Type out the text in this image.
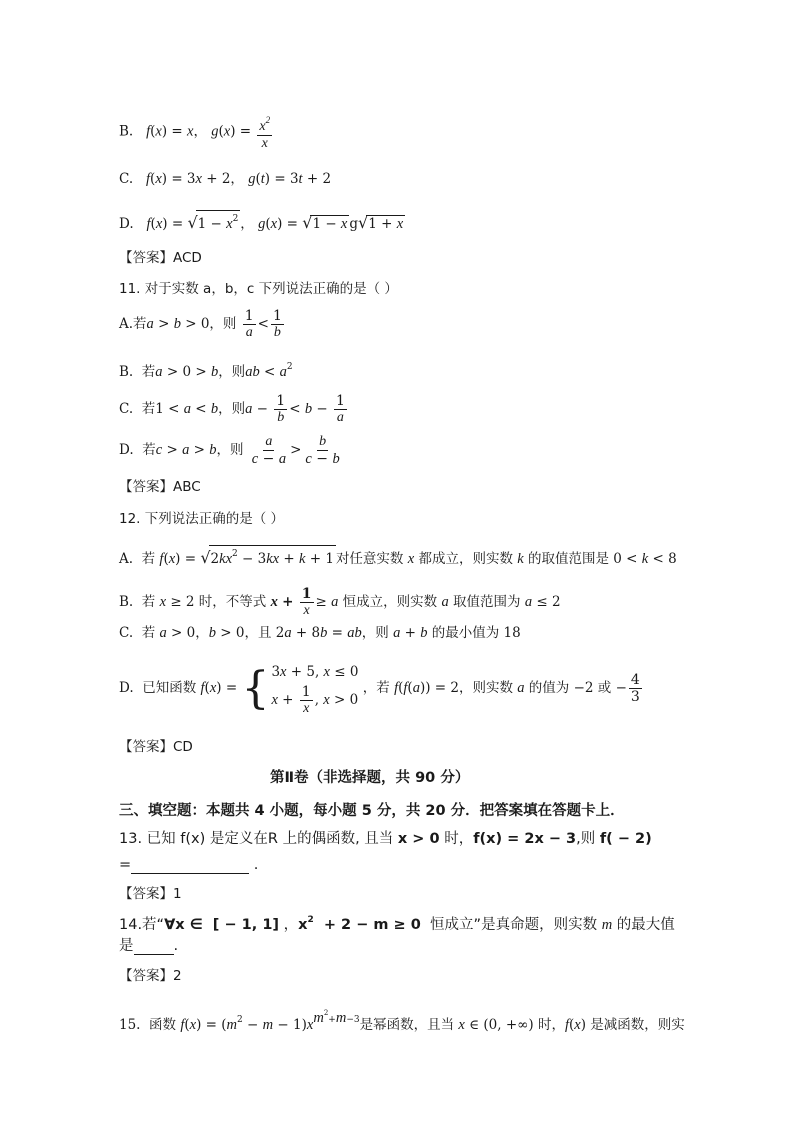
B.   f(x) = x， $g(x) = \frac{x^2}{x}$
C.   f(x) = 3x + 2， g(t) = 3t + 2
D.   $f(x) = √1 - x^2$ ， g(x) = √1 − x g√1 + x
【答案】ACD
11. 对于实数 a，b，c 下列说法正确的是（ ）
A.若a > b > 0，则 $\frac{1}{a} < \frac{1}{b}$
B.  若a > 0 > b，则ab < $a^2$
C.  若1 < a < b，则$a - \frac{1}{b} < b - \frac{1}{a}$
D.  若c > a > b，则 $\frac{a}{c - a} > \frac{b}{c - b}$
【答案】ABC
12. 下列说法正确的是（ ）
A.  若 $f(x) = √2kx^2 - 3kx + k + 1$ 对任意实数 x 都成立，则实数 k 的取值范围是 0 < k < 8
B.  若 x ≥ 2 时，不等式 $x + \frac{1}{x} \ge a$ 恒成立，则实数 a 取值范围为 a ≤ 2
C.  若 a > 0，b > 0，且 2a + 8b = ab，则 a + b 的最小值为 18
D.  已知函数 f(x) = { 3x + 5, x ≤ 0
$x + \frac{1}{x}$ , x > 0
，若 f(f(a)) = 2，则实数 a 的值为 −2 或 − $\frac{4}{3}$
【答案】CD
第Ⅱ卷（非选择题，共 90 分）
三、填空题：本题共 4 小题，每小题 5 分，共 20 分．把答案填在答题卡上．
13. 已知 f(x) 是定义在R 上的偶函数, 且当 x > 0 时，f(x) = 2x − 3,则 f( − 2)
=	.
【答案】1
14.若“∀x ∈  [ − 1, 1] ，$x^2 + 2 - m \ge 0$  恒成立”是真命题，则实数 m 的最大值
是	.
【答案】2
15.  函数 $f(x) = (m^2 - m - 1)x^{m^2+m-3}$是幂函数，且当 x ∈ (0, +∞) 时，f(x) 是减函数，则实
